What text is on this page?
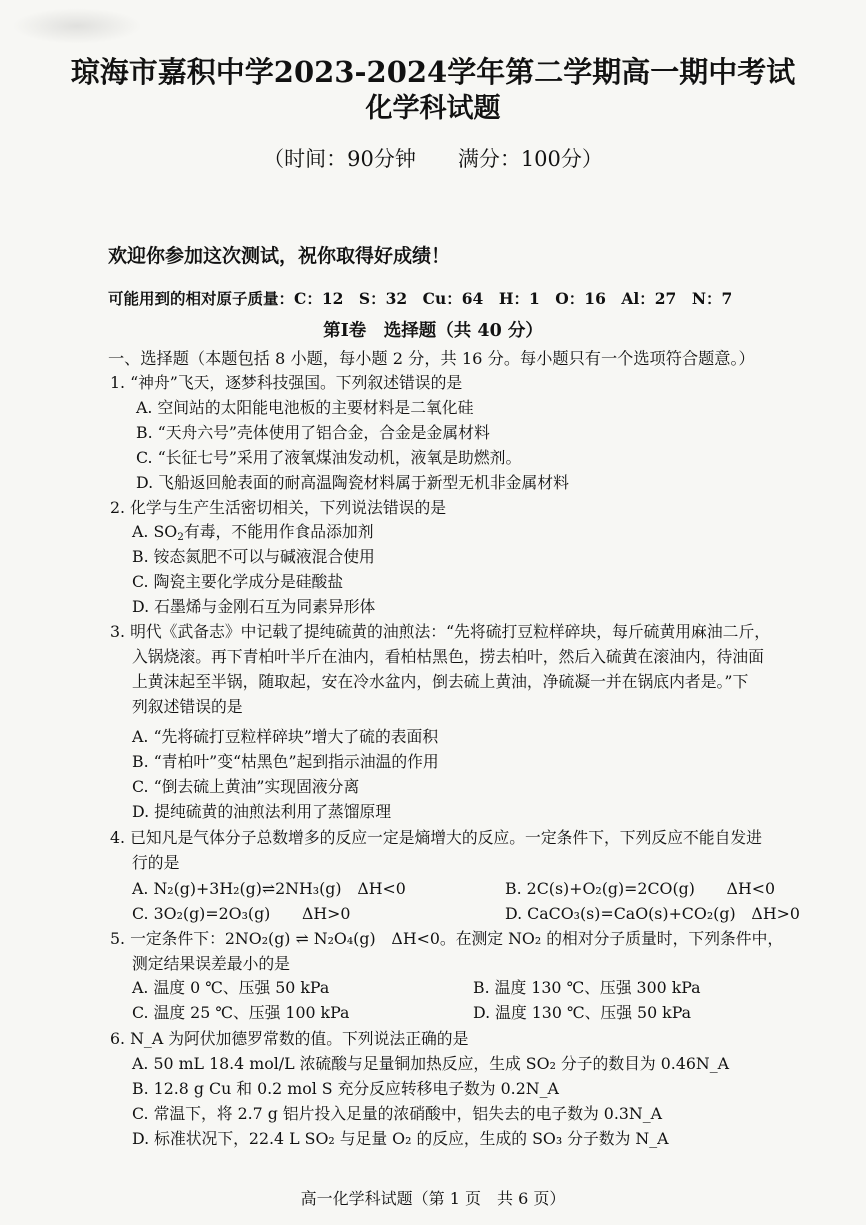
琼海市嘉积中学2023-2024学年第二学期高一期中考试
化学科试题
（时间：90分钟　　满分：100分）
欢迎你参加这次测试，祝你取得好成绩！
可能用到的相对原子质量：C：12　S：32　Cu：64　H：1　O：16　Al：27　N：7
第Ⅰ卷　选择题（共 40 分）
一、选择题（本题包括 8 小题，每小题 2 分，共 16 分。每小题只有一个选项符合题意。）
1. “神舟”飞天，逐梦科技强国。下列叙述错误的是
A. 空间站的太阳能电池板的主要材料是二氧化硅
B. “天舟六号”壳体使用了铝合金，合金是金属材料
C. “长征七号”采用了液氧煤油发动机，液氧是助燃剂。
D. 飞船返回舱表面的耐高温陶瓷材料属于新型无机非金属材料
2. 化学与生产生活密切相关，下列说法错误的是
A. $SO_2$有毒，不能用作食品添加剂
B. 铵态氮肥不可以与碱液混合使用
C. 陶瓷主要化学成分是硅酸盐
D. 石墨烯与金刚石互为同素异形体
3. 明代《武备志》中记载了提纯硫黄的油煎法：“先将硫打豆粒样碎块，每斤硫黄用麻油二斤，
入锅烧滚。再下青柏叶半斤在油内，看柏枯黑色，捞去柏叶，然后入硫黄在滚油内，待油面
上黄沫起至半锅，随取起，安在冷水盆内，倒去硫上黄油，净硫凝一并在锅底内者是。”下
列叙述错误的是
A. “先将硫打豆粒样碎块”增大了硫的表面积
B. “青柏叶”变“枯黑色”起到指示油温的作用
C. “倒去硫上黄油”实现固液分离
D. 提纯硫黄的油煎法利用了蒸馏原理
4. 已知凡是气体分子总数增多的反应一定是熵增大的反应。一定条件下，下列反应不能自发进
行的是
A. N₂(g)+3H₂(g)⇌2NH₃(g)　ΔH<0	B. 2C(s)+O₂(g)=2CO(g)　　ΔH<0
C. 3O₂(g)=2O₃(g)　　ΔH>0	D. CaCO₃(s)=CaO(s)+CO₂(g)　ΔH>0
5. 一定条件下：2NO₂(g) ⇌ N₂O₄(g)　ΔH<0。在测定 NO₂ 的相对分子质量时，下列条件中，
测定结果误差最小的是
A. 温度 0 ℃、压强 50 kPa	B. 温度 130 ℃、压强 300 kPa
C. 温度 25 ℃、压强 100 kPa	D. 温度 130 ℃、压强 50 kPa
6. N_A 为阿伏加德罗常数的值。下列说法正确的是
A. 50 mL 18.4 mol/L 浓硫酸与足量铜加热反应，生成 SO₂ 分子的数目为 0.46N_A
B. 12.8 g Cu 和 0.2 mol S 充分反应转移电子数为 0.2N_A
C. 常温下，将 2.7 g 铝片投入足量的浓硝酸中，铝失去的电子数为 0.3N_A
D. 标准状况下，22.4 L SO₂ 与足量 O₂ 的反应，生成的 SO₃ 分子数为 N_A
高一化学科试题（第 1 页　共 6 页）
